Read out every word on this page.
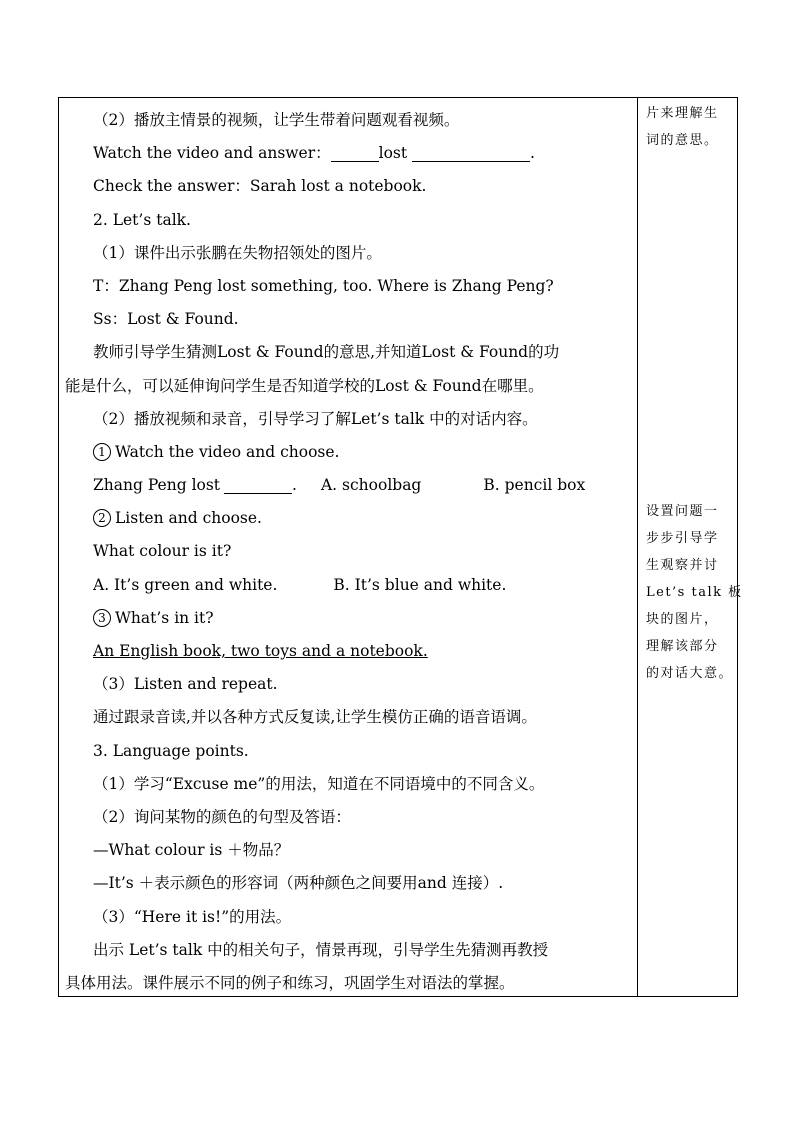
（2）播放主情景的视频，让学生带着问题观看视频。
Watch the video and answer：	lost	.
Check the answer：Sarah lost a notebook.
2. Let’s talk.
（1）课件出示张鹏在失物招领处的图片。
T：Zhang Peng lost something, too. Where is Zhang Peng?
Ss：Lost & Found.
教师引导学生猜测Lost & Found的意思,并知道Lost & Found的功
能是什么，可以延伸询问学生是否知道学校的Lost & Found在哪里。
（2）播放视频和录音，引导学习了解Let’s talk 中的对话内容。
1 Watch the video and choose.
Zhang Peng lost	. A. schoolbag	B. pencil box
2 Listen and choose.
What colour is it?
A. It’s green and white.	B. It’s blue and white.
3 What’s in it?
An English book, two toys and a notebook.
（3）Listen and repeat.
通过跟录音读,并以各种方式反复读,让学生模仿正确的语音语调。
3. Language points.
（1）学习“Excuse me”的用法，知道在不同语境中的不同含义。
（2）询问某物的颜色的句型及答语：
—What colour is ＋物品？
—It’s ＋表示颜色的形容词（两种颜色之间要用and 连接）.
（3）“Here it is!”的用法。
出示 Let’s talk 中的相关句子，情景再现，引导学生先猜测再教授
具体用法。课件展示不同的例子和练习，巩固学生对语法的掌握。
片来理解生
词的意思。
设置问题一
步步引导学
生观察并讨
Let’s talk 板
块的图片，
理解该部分
的对话大意。
